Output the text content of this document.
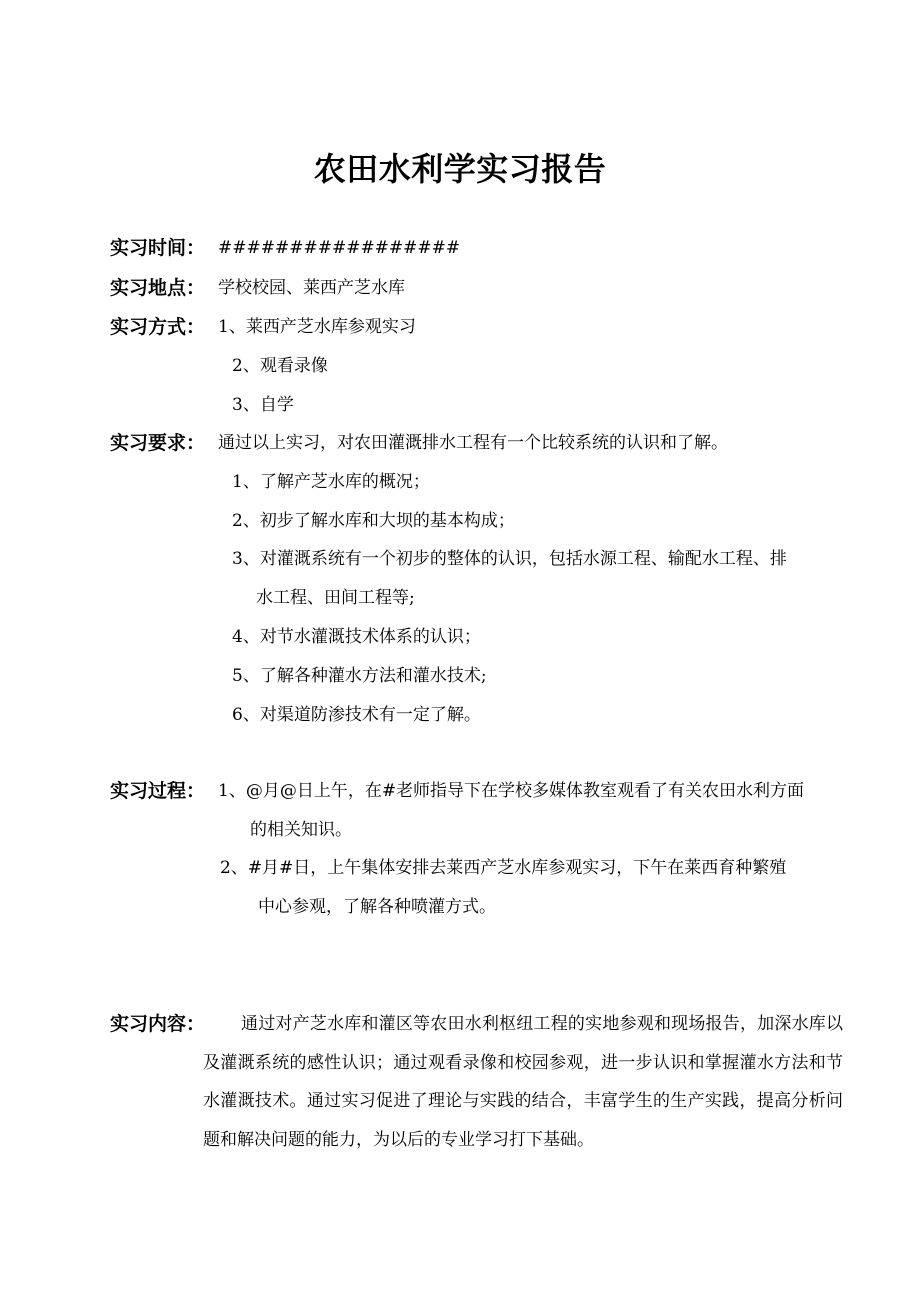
农田水利学实习报告
实习时间： #################
实习地点： 学校校园、莱西产芝水库
实习方式： 1、莱西产芝水库参观实习
2、观看录像
3、自学
实习要求： 通过以上实习，对农田灌溉排水工程有一个比较系统的认识和了解。
1、了解产芝水库的概况；
2、初步了解水库和大坝的基本构成；
3、对灌溉系统有一个初步的整体的认识，包括水源工程、输配水工程、排
水工程、田间工程等;
4、对节水灌溉技术体系的认识；
5、了解各种灌水方法和灌水技术;
6、对渠道防渗技术有一定了解。
实习过程： 1、@月@日上午，在#老师指导下在学校多媒体教室观看了有关农田水利方面
的相关知识。
2、#月#日，上午集体安排去莱西产芝水库参观实习，下午在莱西育种繁殖
中心参观，了解各种喷灌方式。
实习内容：	通过对产芝水库和灌区等农田水利枢纽工程的实地参观和现场报告，加深水库以及灌溉系统的感性认识；通过观看录像和校园参观，进一步认识和掌握灌水方法和节水灌溉技术。通过实习促进了理论与实践的结合，丰富学生的生产实践，提高分析问题和解决问题的能力，为以后的专业学习打下基础。
